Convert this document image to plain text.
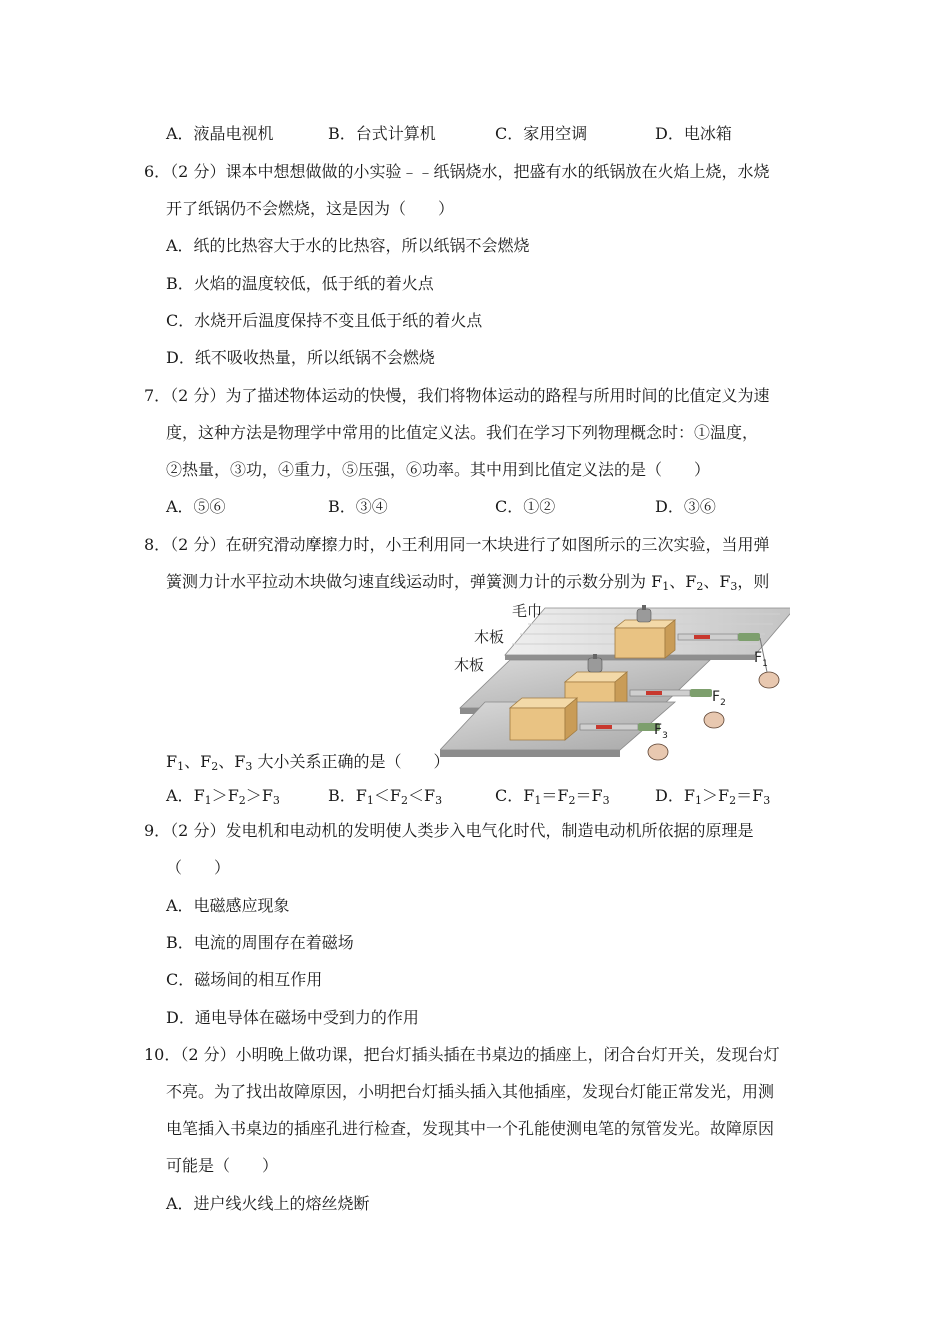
A．液晶电视机	B．台式计算机	C．家用空调	D．电冰箱
6．（2 分）课本中想想做做的小实验﹣﹣纸锅烧水，把盛有水的纸锅放在火焰上烧，水烧
开了纸锅仍不会燃烧，这是因为（　　）
A．纸的比热容大于水的比热容，所以纸锅不会燃烧
B．火焰的温度较低，低于纸的着火点
C．水烧开后温度保持不变且低于纸的着火点
D．纸不吸收热量，所以纸锅不会燃烧
7．（2 分）为了描述物体运动的快慢，我们将物体运动的路程与所用时间的比值定义为速
度，这种方法是物理学中常用的比值定义法。我们在学习下列物理概念时：①温度，
②热量，③功，④重力，⑤压强，⑥功率。其中用到比值定义法的是（　　）
A．⑤⑥	B．③④	C．①②	D．③⑥
8．（2 分）在研究滑动摩擦力时，小王利用同一木块进行了如图所示的三次实验，当用弹
簧测力计水平拉动木块做匀速直线运动时，弹簧测力计的示数分别为 $F_1$、$F_2$、$F_3$，则
毛巾
木板
木板	$F_1$
$F_2$
$F_3$
$F_1$、$F_2$、$F_3$ 大小关系正确的是（　　）
A．$F_1>F_2>F_3$	B．$F_1<F_2<F_3$	C．$F_1=F_2=F_3$	D．$F_1>F_2=F_3$
9．（2 分）发电机和电动机的发明使人类步入电气化时代，制造电动机所依据的原理是
（　　）
A．电磁感应现象
B．电流的周围存在着磁场
C．磁场间的相互作用
D．通电导体在磁场中受到力的作用
10．（2 分）小明晚上做功课，把台灯插头插在书桌边的插座上，闭合台灯开关，发现台灯
不亮。为了找出故障原因，小明把台灯插头插入其他插座，发现台灯能正常发光，用测
电笔插入书桌边的插座孔进行检查，发现其中一个孔能使测电笔的氖管发光。故障原因
可能是（　　）
A．进户线火线上的熔丝烧断
